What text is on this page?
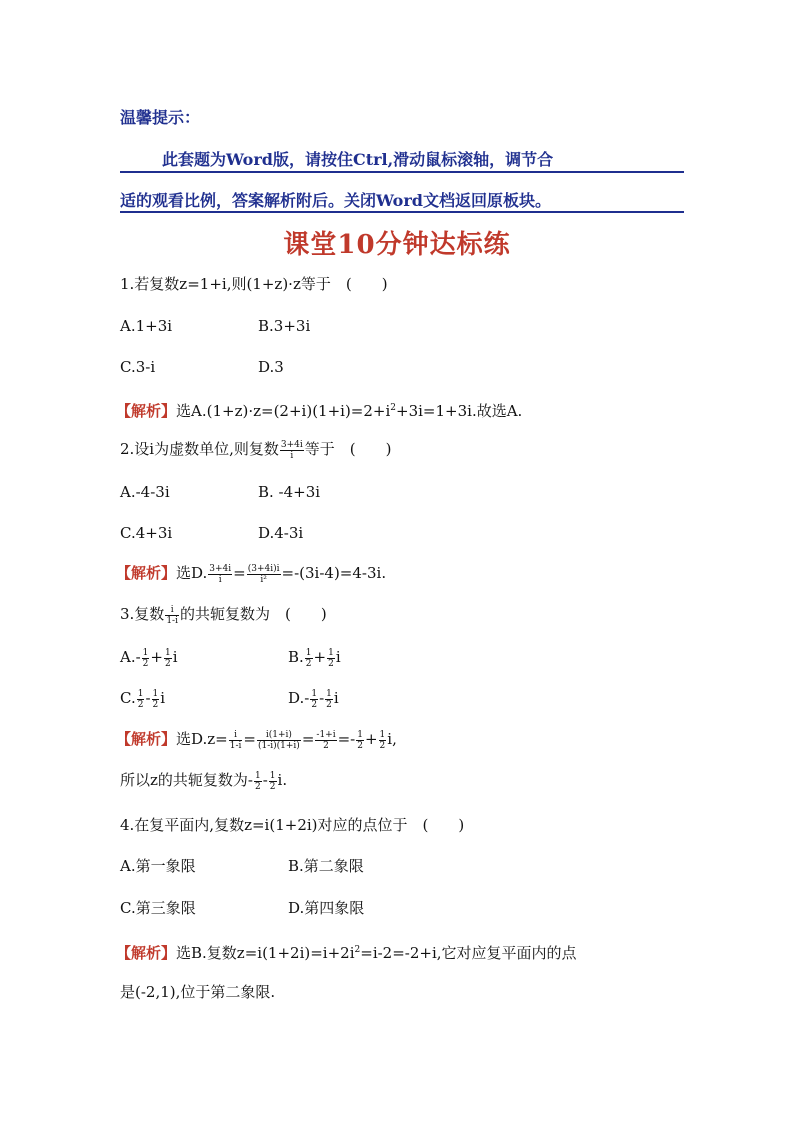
温馨提示：
此套题为Word版，请按住Ctrl,滑动鼠标滚轴，调节合
适的观看比例，答案解析附后。关闭Word文档返回原板块。
课堂10分钟达标练
1.若复数z=1+i,则(1+z)·z等于　(　　)
A.1+3i	B.3+3i
C.3-i	D.3
【解析】选$A.(1+z)\cdot z=(2+i)(1+i)=2+i^2+3i=1+3i$.故选A.
2.设i为虚数单位,则复数 $\frac{3+4i}{i}$ 等于　(　　)
A.-4-3i	B. -4+3i
C.4+3i	D.4-3i
【解析】选D. $\frac{3+4i}{i} = \frac{(3+4i)i}{\text{i²}} =-(3i-4)=4-3i$.
3.复数 $\frac{i}{1-i}$ 的共轭复数为　(　　)
$A.- \frac{1}{2} + \frac{1}{2}$ i	B. $\frac{1}{2} + \frac{1}{2}$ i
C. $\frac{1}{2} - \frac{1}{2}$ i	$D.- \frac{1}{2} - \frac{1}{2}$ i
【解析】选$D.z= \frac{i}{1-i} = \frac{i(1+i)}{(1-i)(1+i)} = \frac{-1+i}{2} =- \frac{1}{2} + \frac{1}{2} i$,
所以z的共轭复数为- $\frac{1}{2} - \frac{1}{2} i$.
4.在复平面内,复数z=i(1+2i)对应的点位于　(　　)
A.第一象限	B.第二象限
C.第三象限	D.第四象限
【解析】选B.复数$z=i(1+2i)=i+2i^2=i-2=-2+i$,它对应复平面内的点
是(-2,1),位于第二象限.
